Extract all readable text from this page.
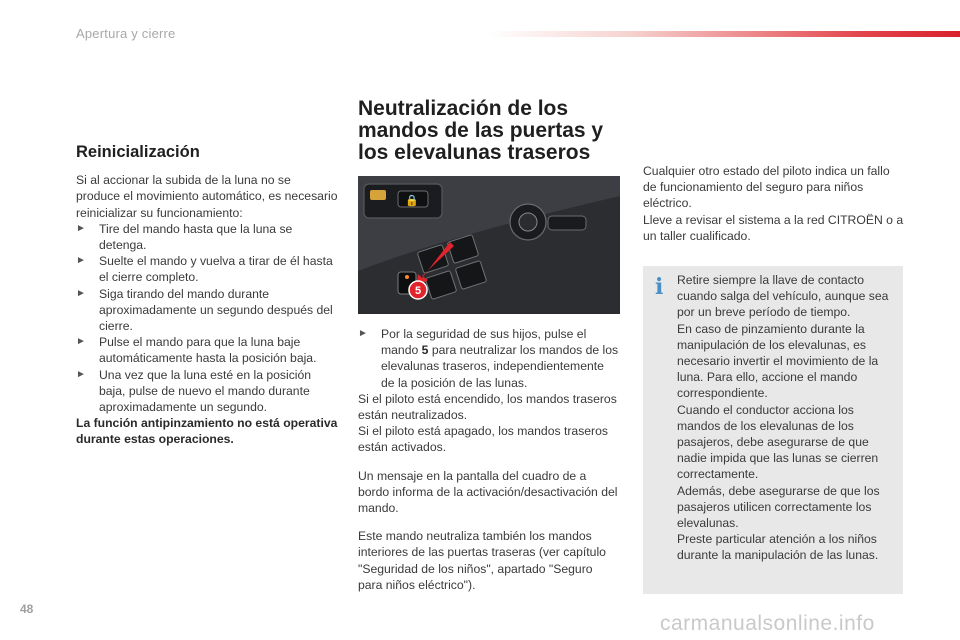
Apertura y cierre
Reinicialización

Si al accionar la subida de la luna no se produce el movimiento automático, es necesario reinicializar su funcionamiento:

► Tire del mando hasta que la luna se detenga.
► Suelte el mando y vuelva a tirar de él hasta el cierre completo.
► Siga tirando del mando durante aproximadamente un segundo después del cierre.
► Pulse el mando para que la luna baje automáticamente hasta la posición baja.
► Una vez que la luna esté en la posición baja, pulse de nuevo el mando durante aproximadamente un segundo.

La función antipinzamiento no está operativa durante estas operaciones.

Neutralización de los mandos de las puertas y los elevalunas traseros
🔒
5
► Por la seguridad de sus hijos, pulse el mando 5 para neutralizar los mandos de los elevalunas traseros, independientemente de la posición de las lunas.

Si el piloto está encendido, los mandos traseros están neutralizados.

Si el piloto está apagado, los mandos traseros están activados.

Un mensaje en la pantalla del cuadro de a bordo informa de la activación/desactivación del mando.

Este mando neutraliza también los mandos interiores de las puertas traseras (ver capítulo "Seguridad de los niños", apartado "Seguro para niños eléctrico").

Cualquier otro estado del piloto indica un fallo de funcionamiento del seguro para niños eléctrico.

Lleve a revisar el sistema a la red CITROËN o a un taller cualificado.

i Retire siempre la llave de contacto cuando salga del vehículo, aunque sea por un breve período de tiempo.

En caso de pinzamiento durante la manipulación de los elevalunas, es necesario invertir el movimiento de la luna. Para ello, accione el mando correspondiente.

Cuando el conductor acciona los mandos de los elevalunas de los pasajeros, debe asegurarse de que nadie impida que las lunas se cierren correctamente.

Además, debe asegurarse de que los pasajeros utilicen correctamente los elevalunas.

Preste particular atención a los niños durante la manipulación de las lunas.

48
carmanualsonline.info
